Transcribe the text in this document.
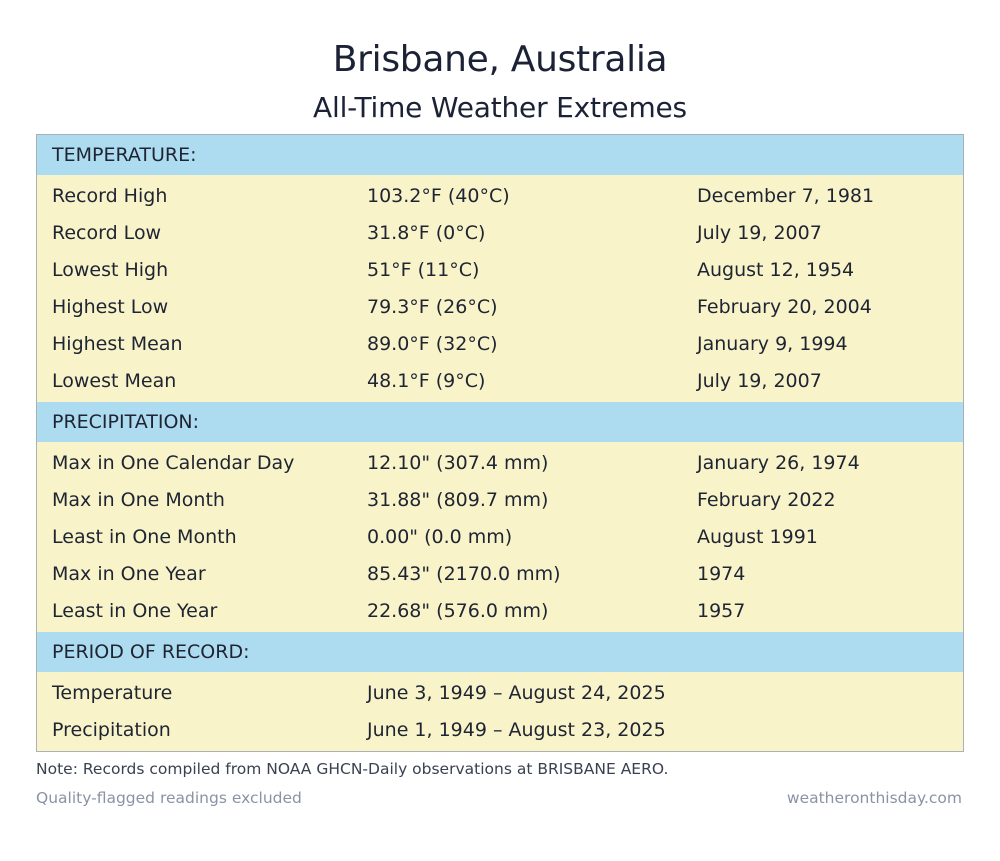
Brisbane, Australia
All-Time Weather Extremes
TEMPERATURE:
Record High	103.2°F (40°C)	December 7, 1981
Record Low	31.8°F (0°C)	July 19, 2007
Lowest High	51°F (11°C)	August 12, 1954
Highest Low	79.3°F (26°C)	February 20, 2004
Highest Mean	89.0°F (32°C)	January 9, 1994
Lowest Mean	48.1°F (9°C)	July 19, 2007
PRECIPITATION:
Max in One Calendar Day	12.10" (307.4 mm)	January 26, 1974
Max in One Month	31.88" (809.7 mm)	February 2022
Least in One Month	0.00" (0.0 mm)	August 1991
Max in One Year	85.43" (2170.0 mm)	1974
Least in One Year	22.68" (576.0 mm)	1957
PERIOD OF RECORD:
Temperature	June 3, 1949 – August 24, 2025
Precipitation	June 1, 1949 – August 23, 2025
Note: Records compiled from NOAA GHCN-Daily observations at BRISBANE AERO.
Quality-flagged readings excluded	weatheronthisday.com
